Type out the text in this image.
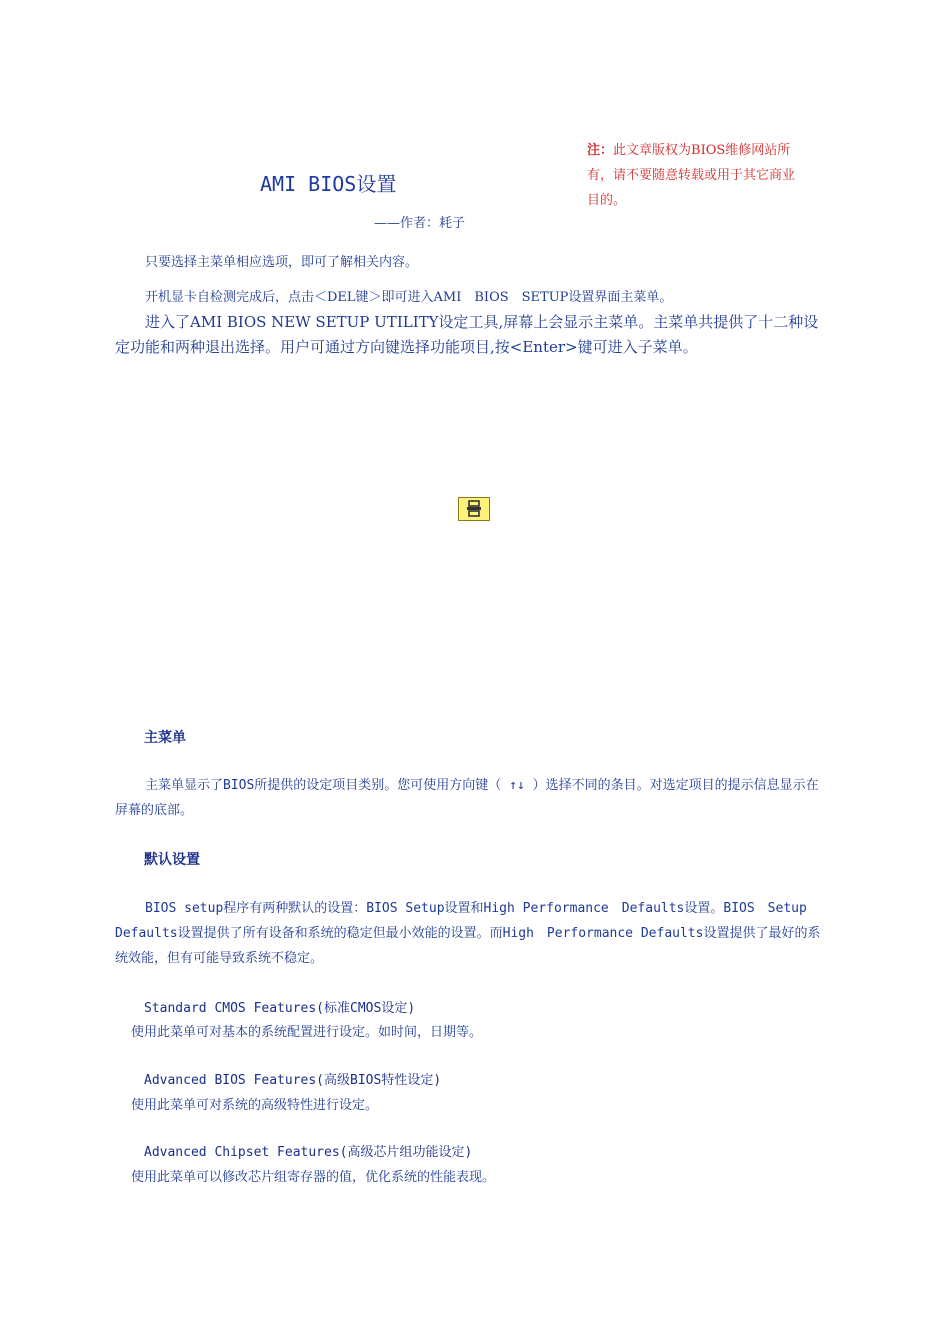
注：此文章版权为BIOS维修网站所有，请不要随意转载或用于其它商业目的。
AMI BIOS设置
——作者：耗子
只要选择主菜单相应选项，即可了解相关内容。
开机显卡自检测完成后，点击＜DEL键＞即可进入AMI　BIOS　SETUP设置界面主菜单。
进入了AMI BIOS NEW SETUP UTILITY设定工具,屏幕上会显示主菜单。主菜单共提供了十二种设定功能和两种退出选择。用户可通过方向键选择功能项目,按<Enter>键可进入子菜单。
主菜单
主菜单显示了BIOS所提供的设定项目类别。您可使用方向键（ ↑↓ ）选择不同的条目。对选定项目的提示信息显示在屏幕的底部。
默认设置
BIOS setup程序有两种默认的设置：BIOS Setup设置和High Performance　Defaults设置。BIOS　Setup Defaults设置提供了所有设备和系统的稳定但最小效能的设置。而High　Performance Defaults设置提供了最好的系统效能，但有可能导致系统不稳定。
Standard CMOS Features(标准CMOS设定)
使用此菜单可对基本的系统配置进行设定。如时间，日期等。
Advanced BIOS Features(高级BIOS特性设定)
使用此菜单可对系统的高级特性进行设定。
Advanced Chipset Features(高级芯片组功能设定)
使用此菜单可以修改芯片组寄存器的值，优化系统的性能表现。
